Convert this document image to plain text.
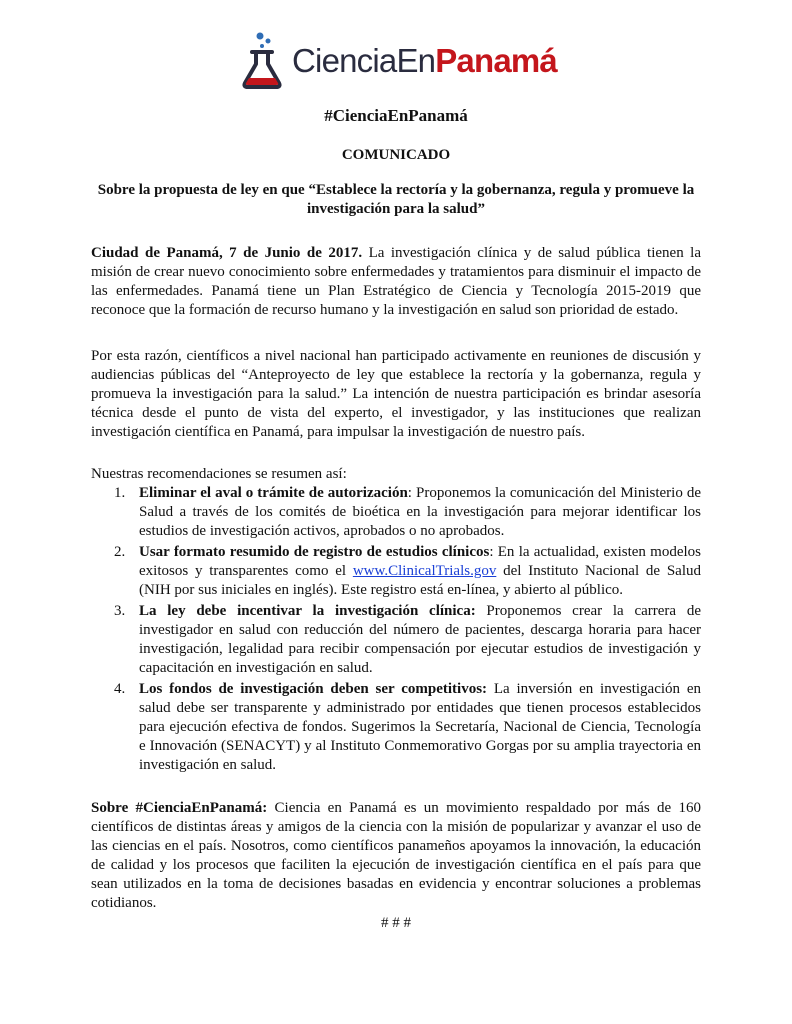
CienciaEnPanamá
#CienciaEnPanamá
COMUNICADO
Sobre la propuesta de ley en que “Establece la rectoría y la gobernanza, regula y promueve la investigación para la salud”
Ciudad de Panamá, 7 de Junio de 2017. La investigación clínica y de salud pública tienen la misión de crear nuevo conocimiento sobre enfermedades y tratamientos para disminuir el impacto de las enfermedades. Panamá tiene un Plan Estratégico de Ciencia y Tecnología 2015-2019 que reconoce que la formación de recurso humano y la investigación en salud son prioridad de estado.
Por esta razón, científicos a nivel nacional han participado activamente en reuniones de discusión y audiencias públicas del “Anteproyecto de ley que establece la rectoría y la gobernanza, regula y promueva la investigación para la salud.” La intención de nuestra participación es brindar asesoría técnica desde el punto de vista del experto, el investigador, y las instituciones que realizan investigación científica en Panamá, para impulsar la investigación de nuestro país.
Nuestras recomendaciones se resumen así:
1. Eliminar el aval o trámite de autorización: Proponemos la comunicación del Ministerio de Salud a través de los comités de bioética en la investigación para mejorar identificar los estudios de investigación activos, aprobados o no aprobados.
2. Usar formato resumido de registro de estudios clínicos: En la actualidad, existen modelos exitosos y transparentes como el www.ClinicalTrials.gov del Instituto Nacional de Salud (NIH por sus iniciales en inglés). Este registro está en-línea, y abierto al público.
3. La ley debe incentivar la investigación clínica: Proponemos crear la carrera de investigador en salud con reducción del número de pacientes, descarga horaria para hacer investigación, legalidad para recibir compensación por ejecutar estudios de investigación y capacitación en investigación en salud.
4. Los fondos de investigación deben ser competitivos: La inversión en investigación en salud debe ser transparente y administrado por entidades que tienen procesos establecidos para ejecución efectiva de fondos. Sugerimos la Secretaría, Nacional de Ciencia, Tecnología e Innovación (SENACYT) y al Instituto Conmemorativo Gorgas por su amplia trayectoria en investigación en salud.
Sobre #CienciaEnPanamá: Ciencia en Panamá es un movimiento respaldado por más de 160 científicos de distintas áreas y amigos de la ciencia con la misión de popularizar y avanzar el uso de las ciencias en el país. Nosotros, como científicos panameños apoyamos la innovación, la educación de calidad y los procesos que faciliten la ejecución de investigación científica en el país para que sean utilizados en la toma de decisiones basadas en evidencia y encontrar soluciones a problemas cotidianos.
# # #
